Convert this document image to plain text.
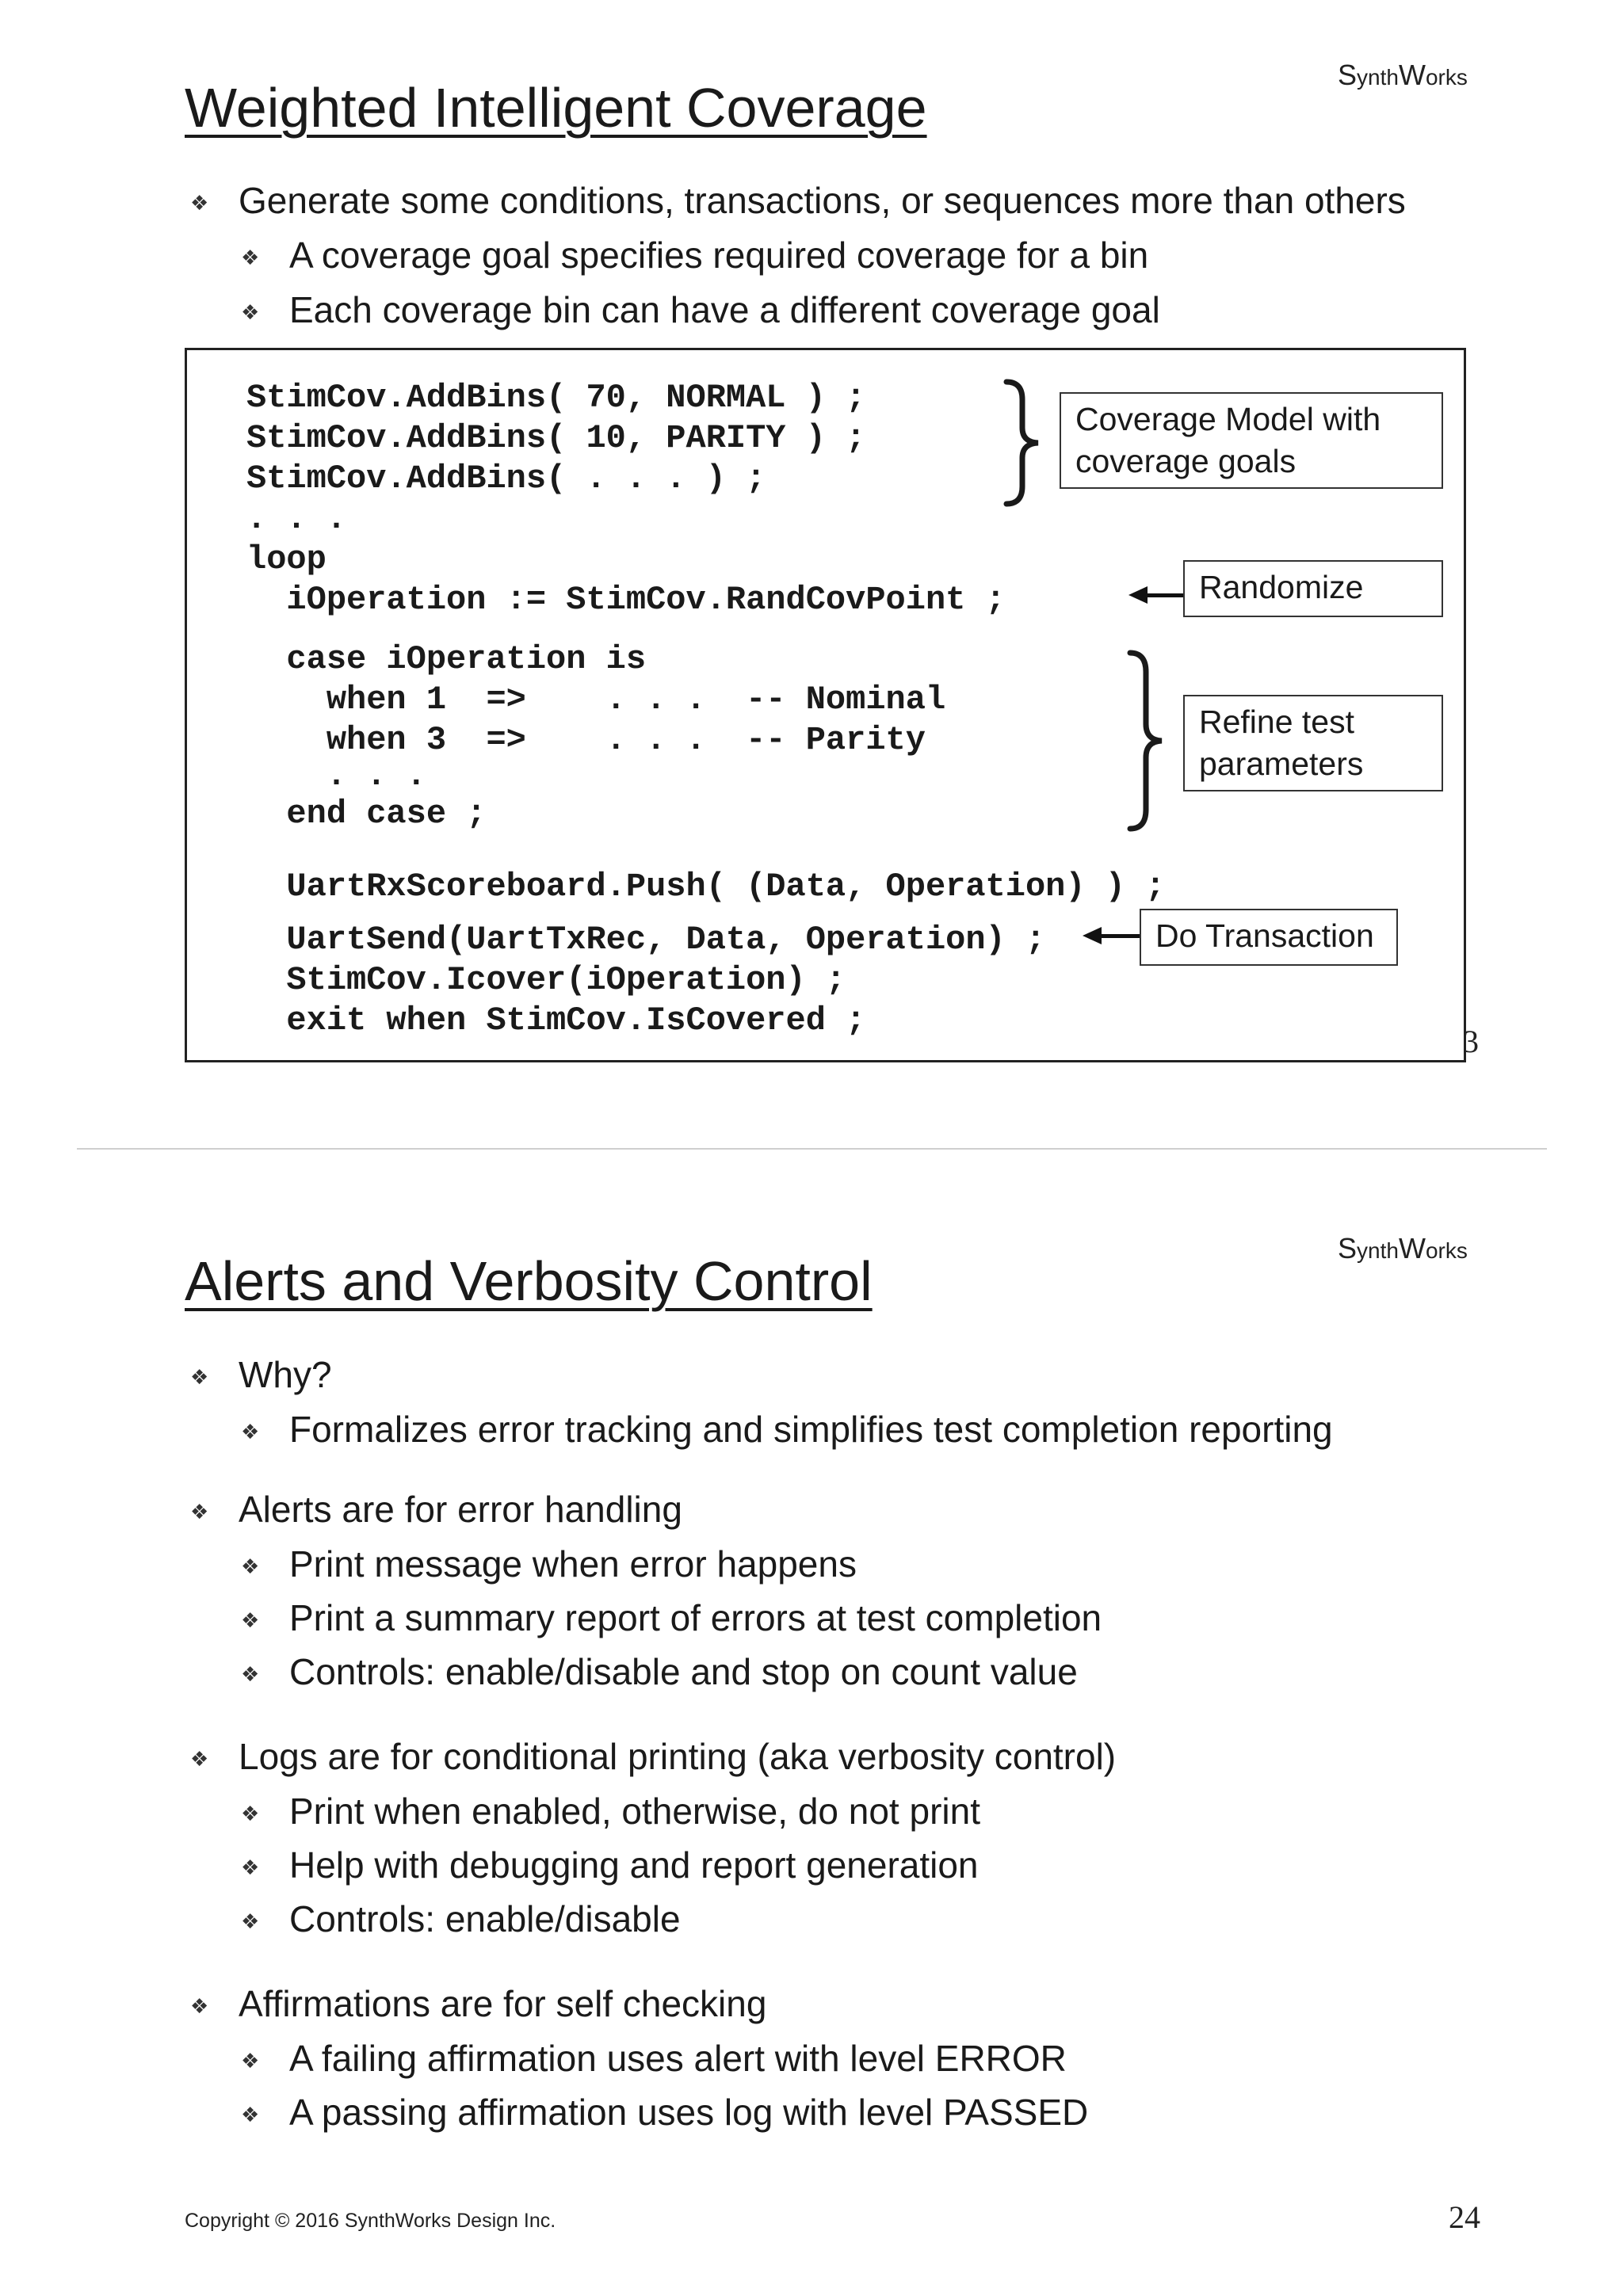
SynthWorks
Weighted Intelligent Coverage
❖ Generate some conditions, transactions, or sequences more than others
❖ A coverage goal specifies required coverage for a bin
❖ Each coverage bin can have a different coverage goal
StimCov.AddBins( 70, NORMAL ) ;
StimCov.AddBins( 10, PARITY ) ;
StimCov.AddBins( . . . ) ;
. . .
loop
iOperation := StimCov.RandCovPoint ;
case iOperation is
when 1  =>    . . .  -- Nominal
when 3  =>    . . .  -- Parity
. . .
end case ;
UartRxScoreboard.Push( (Data, Operation) ) ;
UartSend(UartTxRec, Data, Operation) ;
StimCov.Icover(iOperation) ;
exit when StimCov.IsCovered ;
Coverage Model with
coverage goals
Randomize
Refine test
parameters
Do Transaction
3
SynthWorks
Alerts and Verbosity Control
❖ Why?
❖ Formalizes error tracking and simplifies test completion reporting
❖ Alerts are for error handling
❖ Print message when error happens
❖ Print a summary report of errors at test completion
❖ Controls: enable/disable and stop on count value
❖ Logs are for conditional printing (aka verbosity control)
❖ Print when enabled, otherwise, do not print
❖ Help with debugging and report generation
❖ Controls: enable/disable
❖ Affirmations are for self checking
❖ A failing affirmation uses alert with level ERROR
❖ A passing affirmation uses log with level PASSED
Copyright © 2016 SynthWorks Design Inc.	24
